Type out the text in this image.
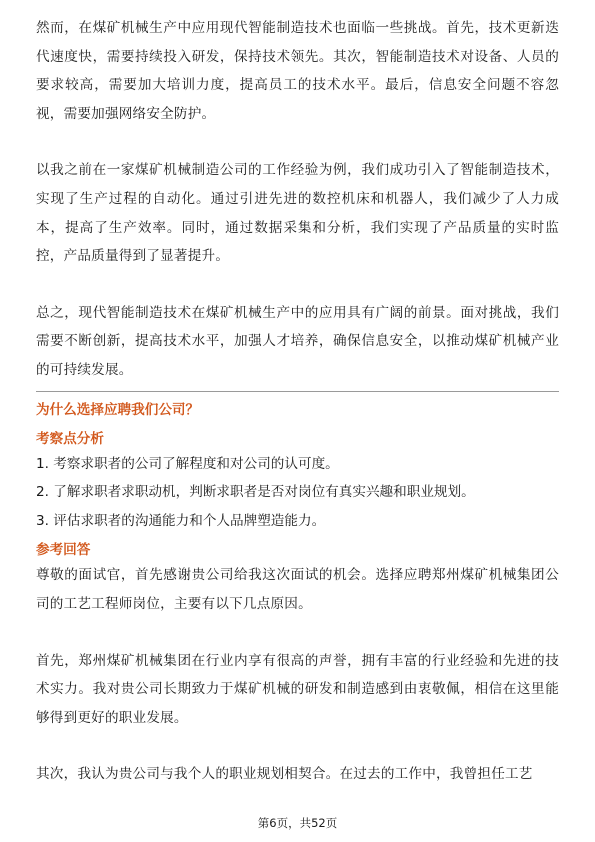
然而，在煤矿机械生产中应用现代智能制造技术也面临一些挑战。首先，技术更新迭代速度快，需要持续投入研发，保持技术领先。其次，智能制造技术对设备、人员的要求较高，需要加大培训力度，提高员工的技术水平。最后，信息安全问题不容忽视，需要加强网络安全防护。

以我之前在一家煤矿机械制造公司的工作经验为例，我们成功引入了智能制造技术，实现了生产过程的自动化。通过引进先进的数控机床和机器人，我们减少了人力成本，提高了生产效率。同时，通过数据采集和分析，我们实现了产品质量的实时监控，产品质量得到了显著提升。

总之，现代智能制造技术在煤矿机械生产中的应用具有广阔的前景。面对挑战，我们需要不断创新，提高技术水平，加强人才培养，确保信息安全，以推动煤矿机械产业的可持续发展。

为什么选择应聘我们公司？

考察点分析

1. 考察求职者的公司了解程度和对公司的认可度。

2. 了解求职者求职动机，判断求职者是否对岗位有真实兴趣和职业规划。

3. 评估求职者的沟通能力和个人品牌塑造能力。

参考回答

尊敬的面试官，首先感谢贵公司给我这次面试的机会。选择应聘郑州煤矿机械集团公司的工艺工程师岗位，主要有以下几点原因。

首先，郑州煤矿机械集团在行业内享有很高的声誉，拥有丰富的行业经验和先进的技术实力。我对贵公司长期致力于煤矿机械的研发和制造感到由衷敬佩，相信在这里能够得到更好的职业发展。

其次，我认为贵公司与我个人的职业规划相契合。在过去的工作中，我曾担任工艺

第6页，共52页
